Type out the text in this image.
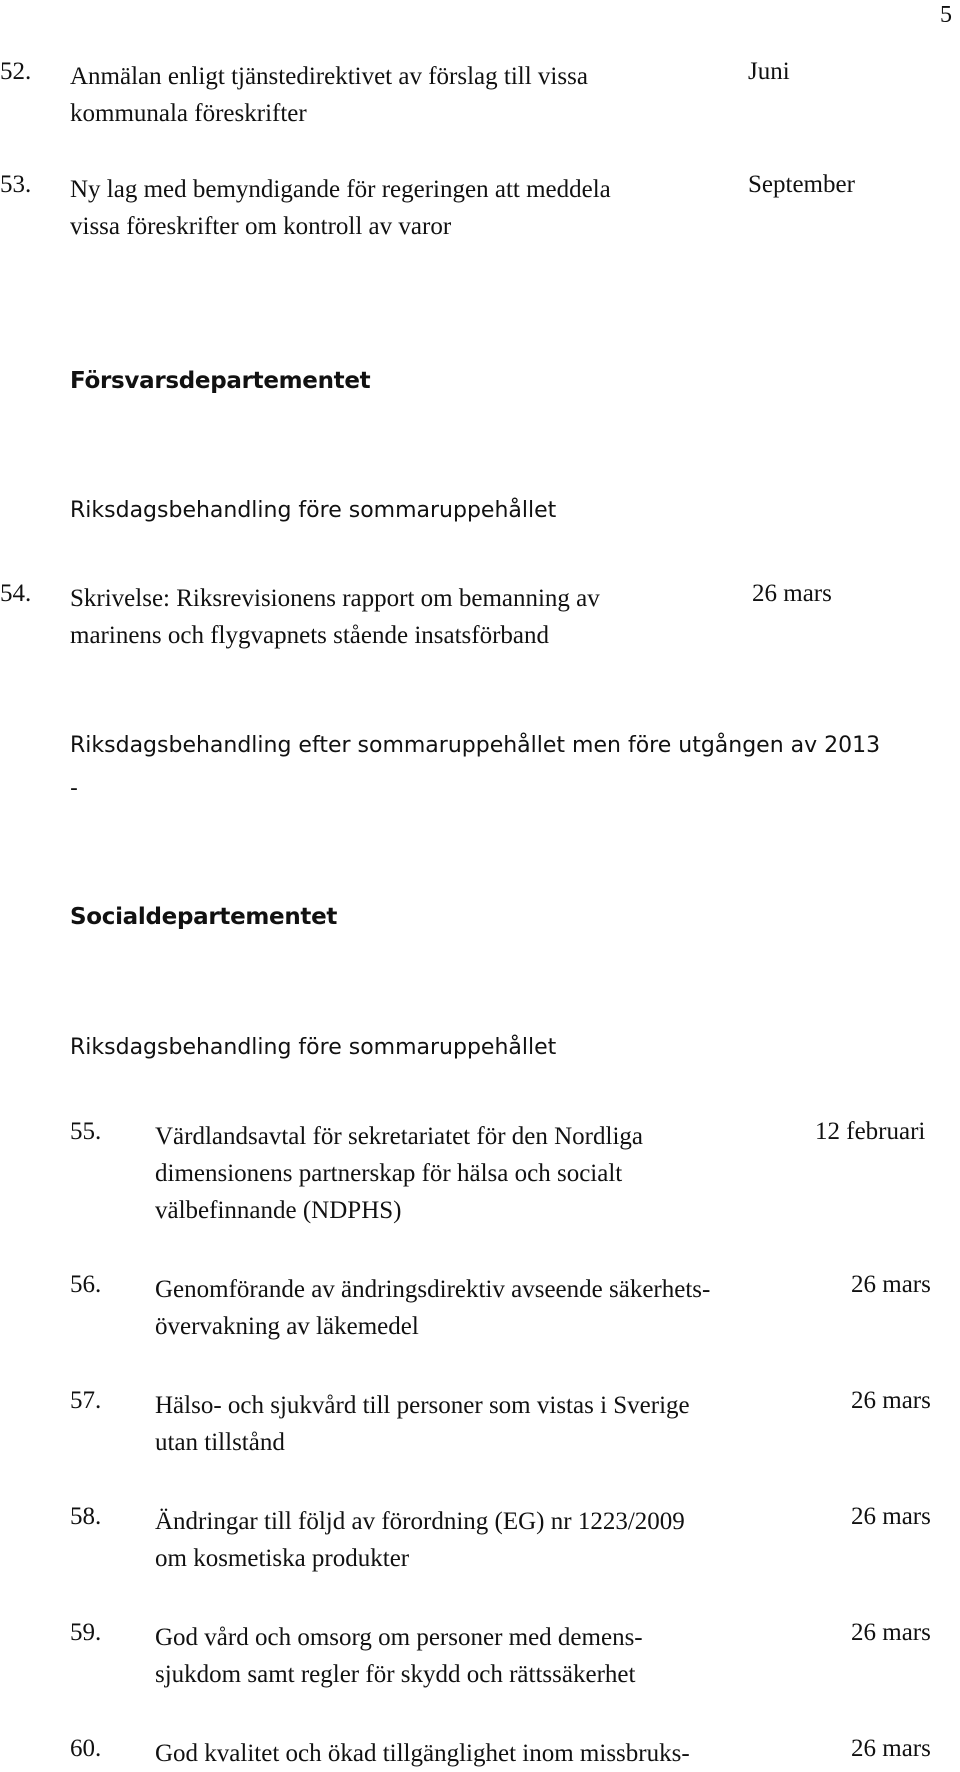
5
52. Anmälan enligt tjänstedirektivet av förslag till vissa
kommunala föreskrifter
Juni
53. Ny lag med bemyndigande för regeringen att meddela
vissa föreskrifter om kontroll av varor
September
Försvarsdepartementet
Riksdagsbehandling före sommaruppehållet
54. Skrivelse: Riksrevisionens rapport om bemanning av
marinens och flygvapnets stående insatsförband
26 mars
Riksdagsbehandling efter sommaruppehållet men före utgången av 2013
-
Socialdepartementet
Riksdagsbehandling före sommaruppehållet
55. Värdlandsavtal för sekretariatet för den Nordliga
dimensionens partnerskap för hälsa och socialt
välbefinnande (NDPHS)
12 februari
56. Genomförande av ändringsdirektiv avseende säkerhets-
övervakning av läkemedel
26 mars
57. Hälso- och sjukvård till personer som vistas i Sverige
utan tillstånd
26 mars
58. Ändringar till följd av förordning (EG) nr 1223/2009
om kosmetiska produkter
26 mars
59. God vård och omsorg om personer med demens-
sjukdom samt regler för skydd och rättssäkerhet
26 mars
60. God kvalitet och ökad tillgänglighet inom missbruks-	26 mars
